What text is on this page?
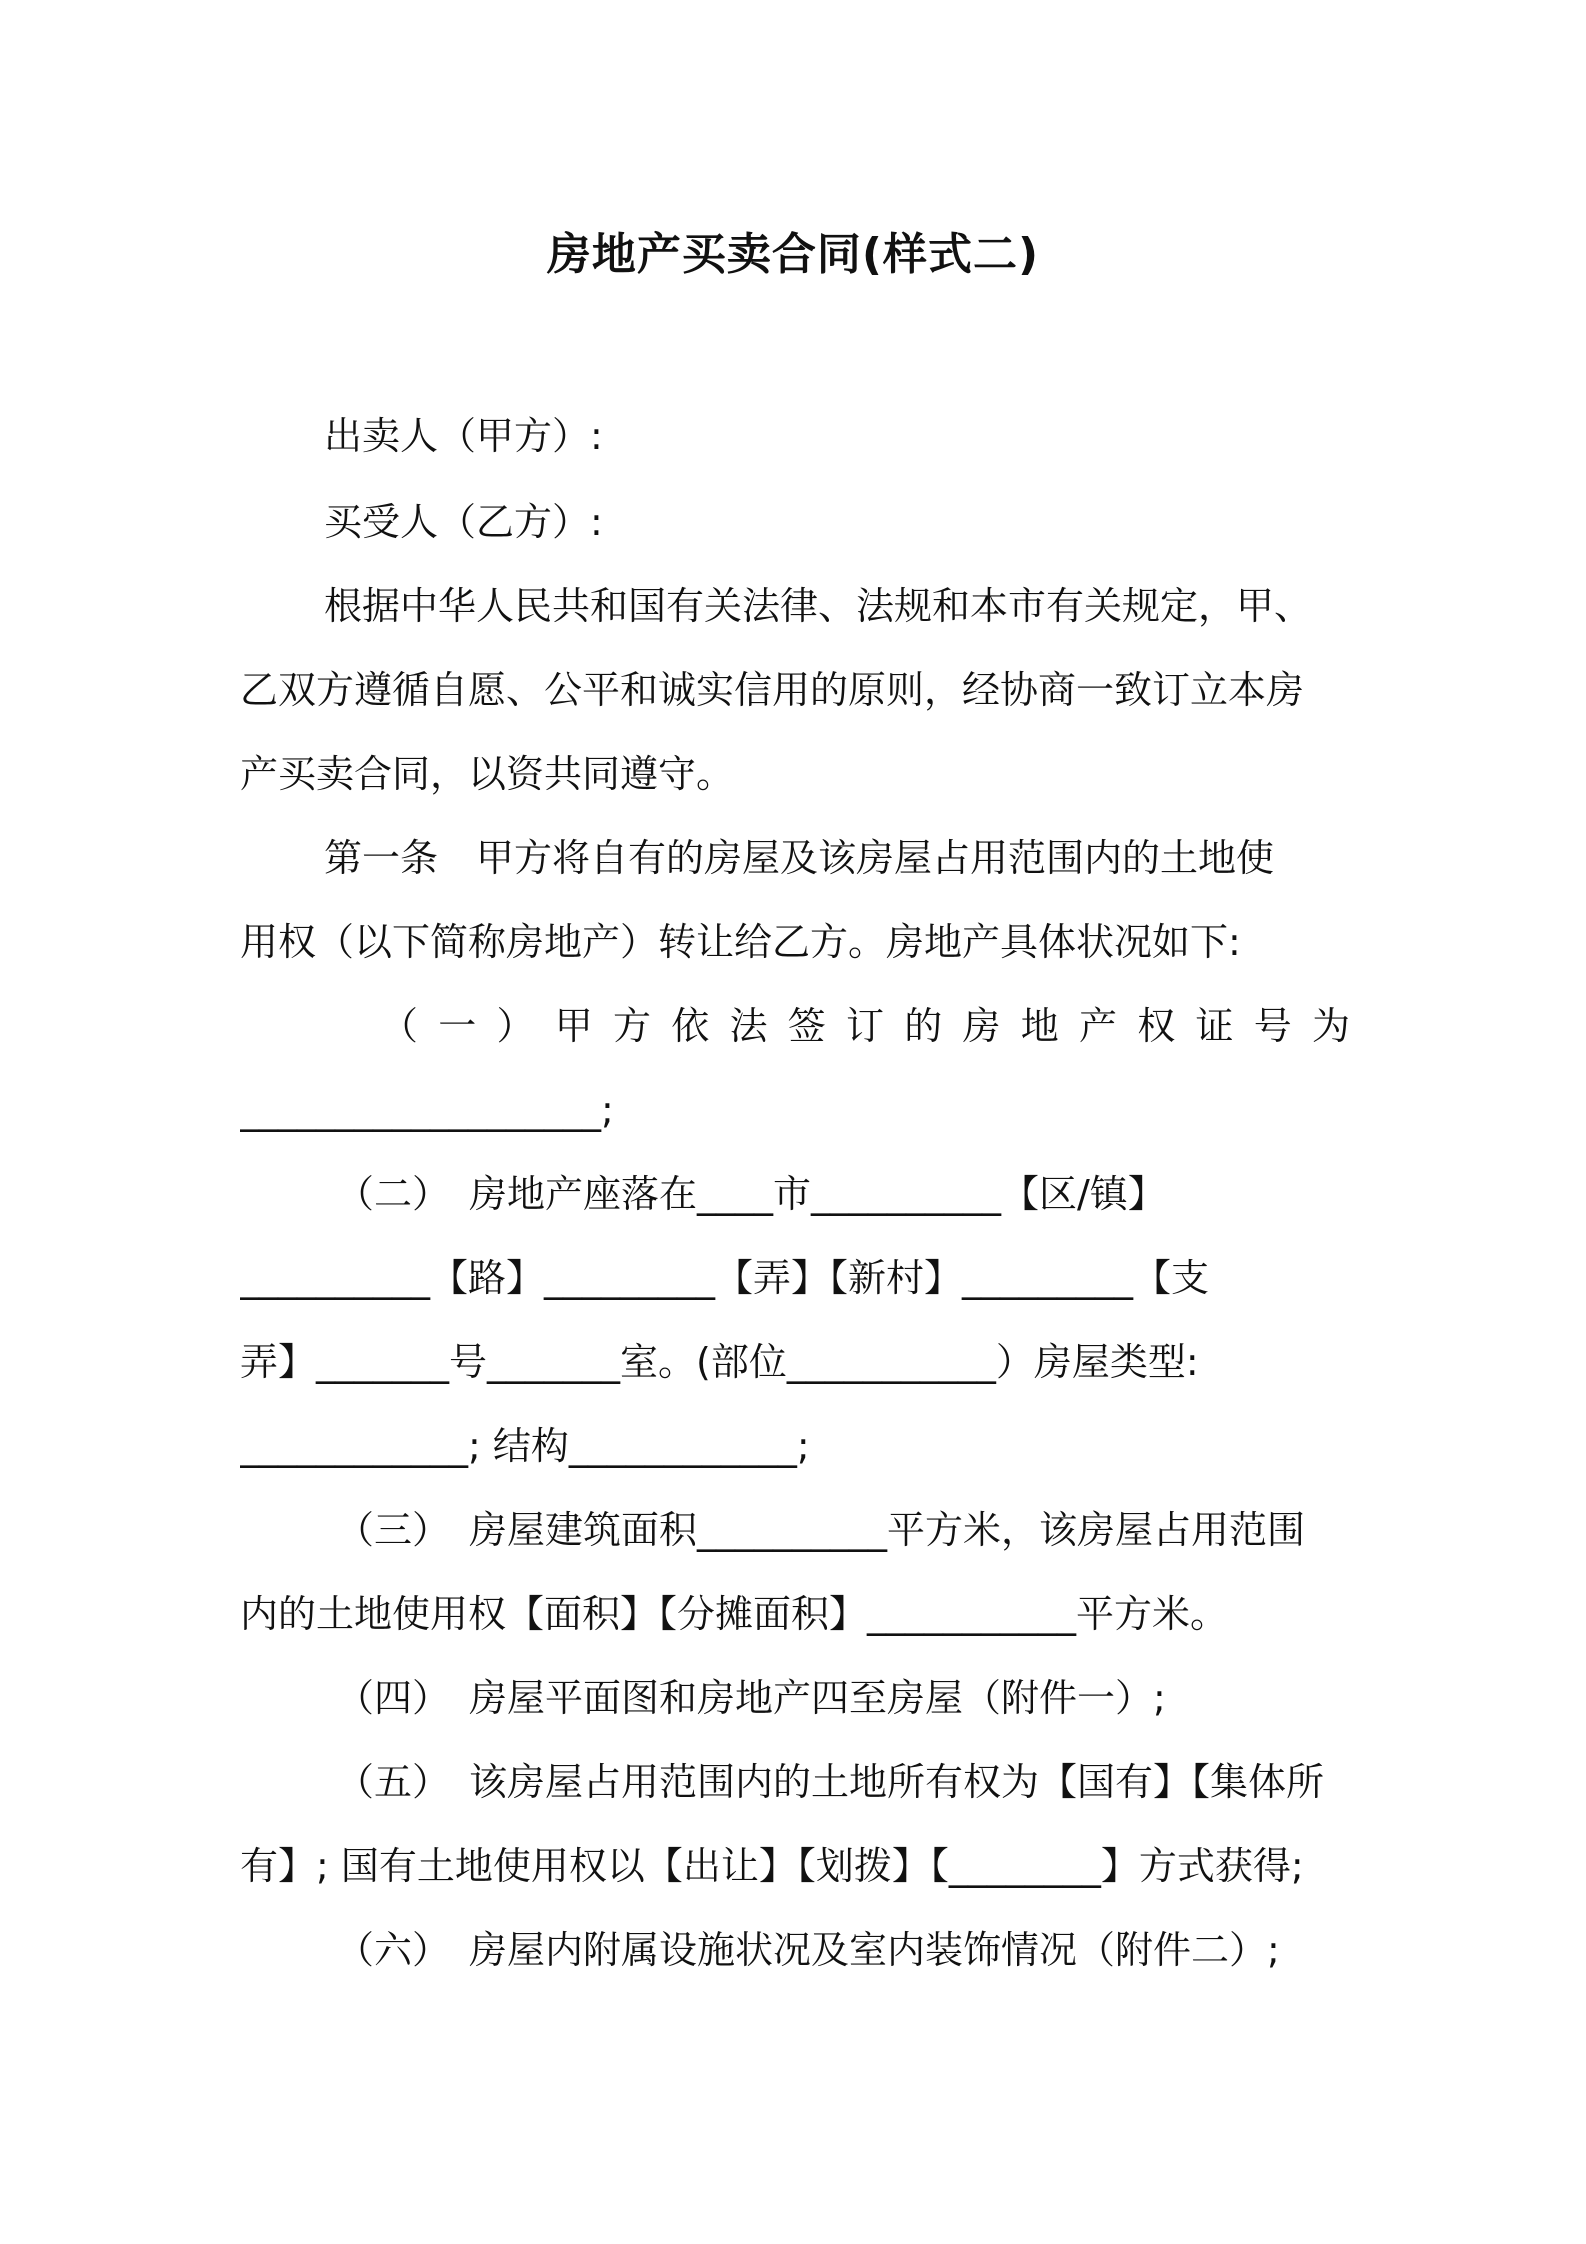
房地产买卖合同(样式二)
出卖人（甲方）:
买受人（乙方）:
根据中华人民共和国有关法律、法规和本市有关规定，甲、
乙双方遵循自愿、公平和诚实信用的原则，经协商一致订立本房
产买卖合同，以资共同遵守。
第一条　甲方将自有的房屋及该房屋占用范围内的土地使
用权（以下简称房地产）转让给乙方。房地产具体状况如下:
（一）甲方依法签订的房地产权证号为
___________________;
（二）　房地产座落在____市__________【区/镇】
__________【路】_________【弄】【新村】_________【支
弄】_______号_______室。(部位___________）房屋类型:
____________; 结构____________;
（三）　房屋建筑面积__________平方米，该房屋占用范围
内的土地使用权【面积】【分摊面积】___________平方米。
（四）　房屋平面图和房地产四至房屋（附件一）;
（五）　该房屋占用范围内的土地所有权为【国有】【集体所
有】; 国有土地使用权以【出让】【划拨】【________】方式获得;
（六）　房屋内附属设施状况及室内装饰情况（附件二）;
